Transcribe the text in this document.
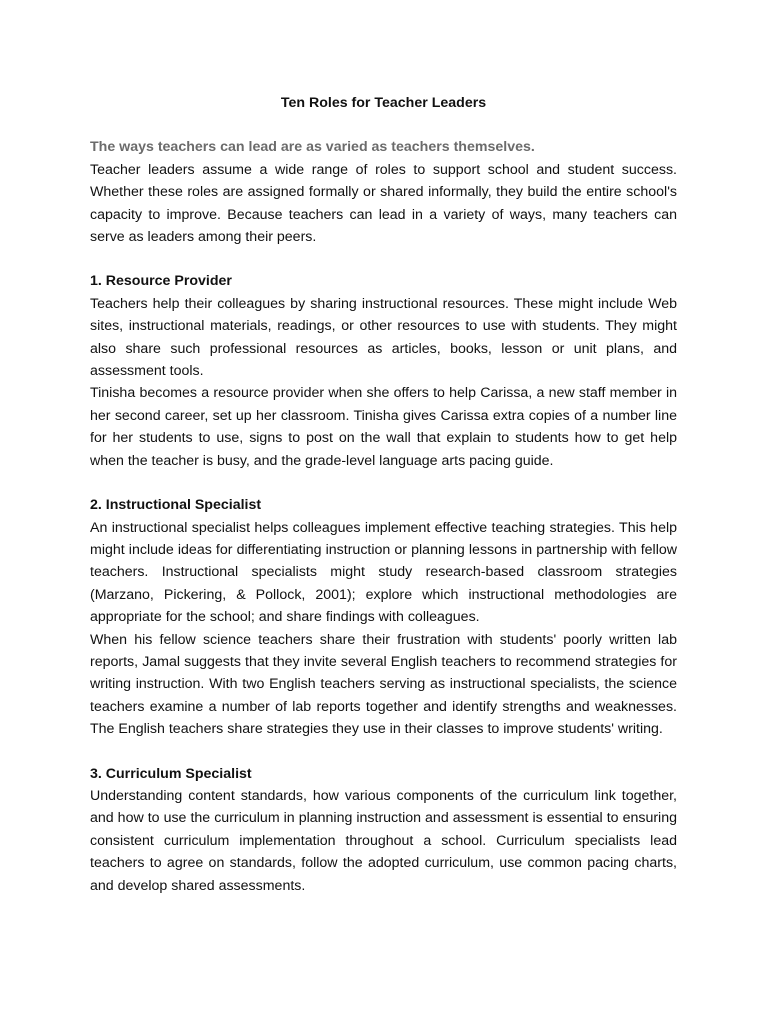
Ten Roles for Teacher Leaders

The ways teachers can lead are as varied as teachers themselves.

Teacher leaders assume a wide range of roles to support school and student success. Whether these roles are assigned formally or shared informally, they build the entire school's capacity to improve. Because teachers can lead in a variety of ways, many teachers can serve as leaders among their peers.

1. Resource Provider

Teachers help their colleagues by sharing instructional resources. These might include Web sites, instructional materials, readings, or other resources to use with students. They might also share such professional resources as articles, books, lesson or unit plans, and assessment tools.

Tinisha becomes a resource provider when she offers to help Carissa, a new staff member in her second career, set up her classroom. Tinisha gives Carissa extra copies of a number line for her students to use, signs to post on the wall that explain to students how to get help when the teacher is busy, and the grade-level language arts pacing guide.

2. Instructional Specialist

An instructional specialist helps colleagues implement effective teaching strategies. This help might include ideas for differentiating instruction or planning lessons in partnership with fellow teachers. Instructional specialists might study research-based classroom strategies (Marzano, Pickering, & Pollock, 2001); explore which instructional methodologies are appropriate for the school; and share findings with colleagues.

When his fellow science teachers share their frustration with students' poorly written lab reports, Jamal suggests that they invite several English teachers to recommend strategies for writing instruction. With two English teachers serving as instructional specialists, the science teachers examine a number of lab reports together and identify strengths and weaknesses. The English teachers share strategies they use in their classes to improve students' writing.

3. Curriculum Specialist

Understanding content standards, how various components of the curriculum link together, and how to use the curriculum in planning instruction and assessment is essential to ensuring consistent curriculum implementation throughout a school. Curriculum specialists lead teachers to agree on standards, follow the adopted curriculum, use common pacing charts, and develop shared assessments.
